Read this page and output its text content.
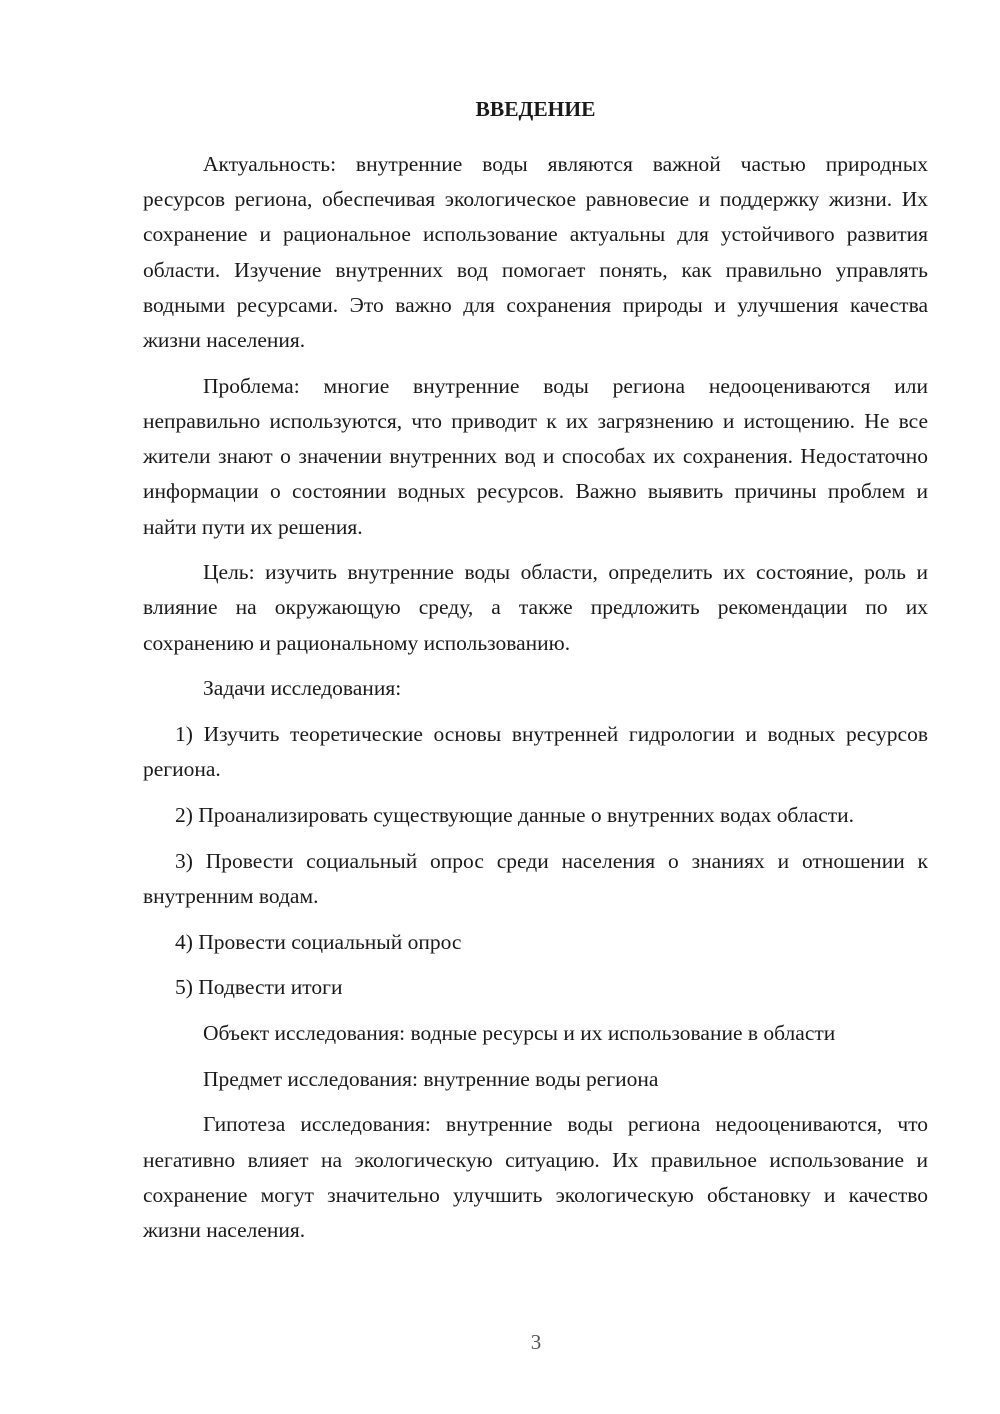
ВВЕДЕНИЕ

Актуальность: внутренние воды являются важной частью природных ресурсов региона, обеспечивая экологическое равновесие и поддержку жизни. Их сохранение и рациональное использование актуальны для устойчивого развития области. Изучение внутренних вод помогает понять, как правильно управлять водными ресурсами. Это важно для сохранения природы и улучшения качества жизни населения.

Проблема: многие внутренние воды региона недооцениваются или неправильно используются, что приводит к их загрязнению и истощению. Не все жители знают о значении внутренних вод и способах их сохранения. Недостаточно информации о состоянии водных ресурсов. Важно выявить причины проблем и найти пути их решения.

Цель: изучить внутренние воды области, определить их состояние, роль и влияние на окружающую среду, а также предложить рекомендации по их сохранению и рациональному использованию.

Задачи исследования:

1) Изучить теоретические основы внутренней гидрологии и водных ресурсов региона.

2) Проанализировать существующие данные о внутренних водах области.

3) Провести социальный опрос среди населения о знаниях и отношении к внутренним водам.

4) Провести социальный опрос

5) Подвести итоги

Объект исследования: водные ресурсы и их использование в области

Предмет исследования: внутренние воды региона

Гипотеза исследования: внутренние воды региона недооцениваются, что негативно влияет на экологическую ситуацию. Их правильное использование и сохранение могут значительно улучшить экологическую обстановку и качество жизни населения.

3
